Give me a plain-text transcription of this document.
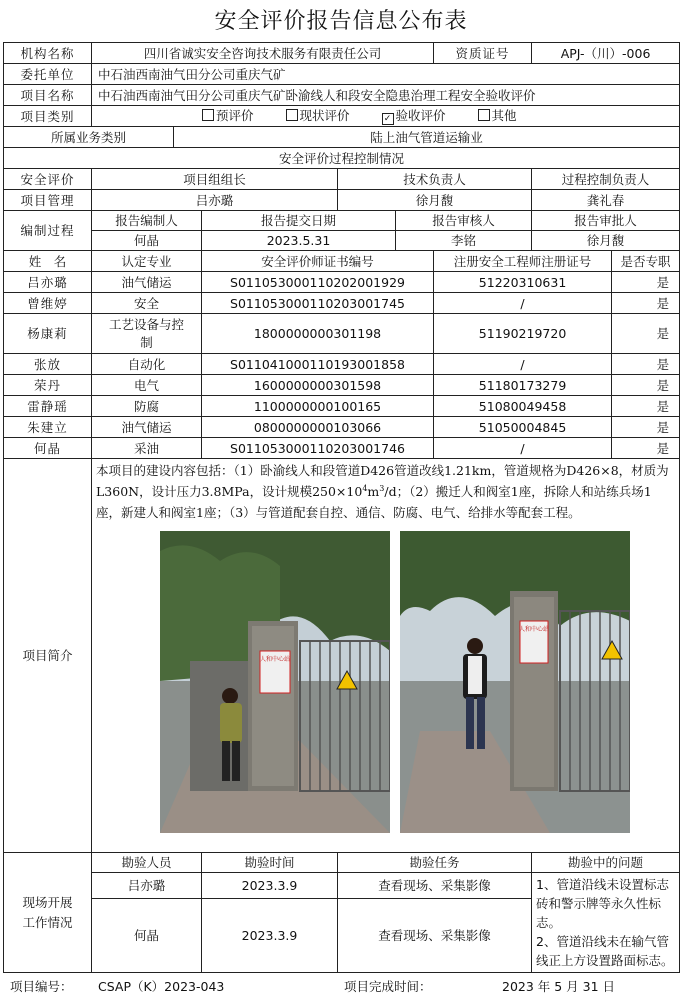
安全评价报告信息公布表
机构名称	四川省诚实安全咨询技术服务有限责任公司					资质证号	APJ-（川）-006	
委托单位	中石油西南油气田分公司重庆气矿							
项目名称	中石油西南油气田分公司重庆气矿卧渝线人和段安全隐患治理工程安全验收评价							
项目类别	预评价 现状评价 ✓ 验收评价 其他							
所属业务类别		陆上油气管道运输业						
安全评价过程控制情况								
安全评价	项目组组长			技术负责人			过程控制负责人	
项目管理	吕亦璐			徐月馥			龚礼春	
编制过程	报告编制人		报告提交日期		报告审核人		报告审批人	
	何晶		2023.5.31		李铭		徐月馥	
姓　名	认定专业		安全评价师证书编号			注册安全工程师注册证号		是否专职
吕亦璐	油气储运		S011053000110202001929			51220310631		是
曾维婷	安全		S011053000110203001745			/		是
杨康莉	工艺设备与控制		1800000000301198			51190219720		是
张放	自动化		S011041000110193001858			/		是
荣丹	电气		1600000000301598			51180173279		是
雷静瑶	防腐		1100000000100165			51080049458		是
朱建立	油气储运		0800000000103066			51050004845		是
何晶	采油		S011053000110203001746			/		是
项目简介	本项目的建设内容包括：（1）卧渝线人和段管道D426管道改线1.21km，管道规格为D426×8，材质为L360N，设计压力3.8MPa，设计规模$250\times 10^4m^3/d$；（2）搬迁人和阀室1座，拆除人和站练兵场1座，新建人和阀室1座；（3）与管道配套自控、通信、防腐、电气、给排水等配套工程。
人和中心站
人和中心站							

现场开展
工作情况	勘验人员		勘验时间	勘验任务			勘验中的问题	
	吕亦璐		2023.3.9	查看现场、采集影像			1、管道沿线未设置标志砖和警示牌等永久性标志。
2、管道沿线未在输气管线正上方设置路面标志。	

	何晶		2023.3.9	查看现场、采集影像				
项目编号： CSAP（K）2023-043	项目完成时间：	2023 年 5 月 31 日
